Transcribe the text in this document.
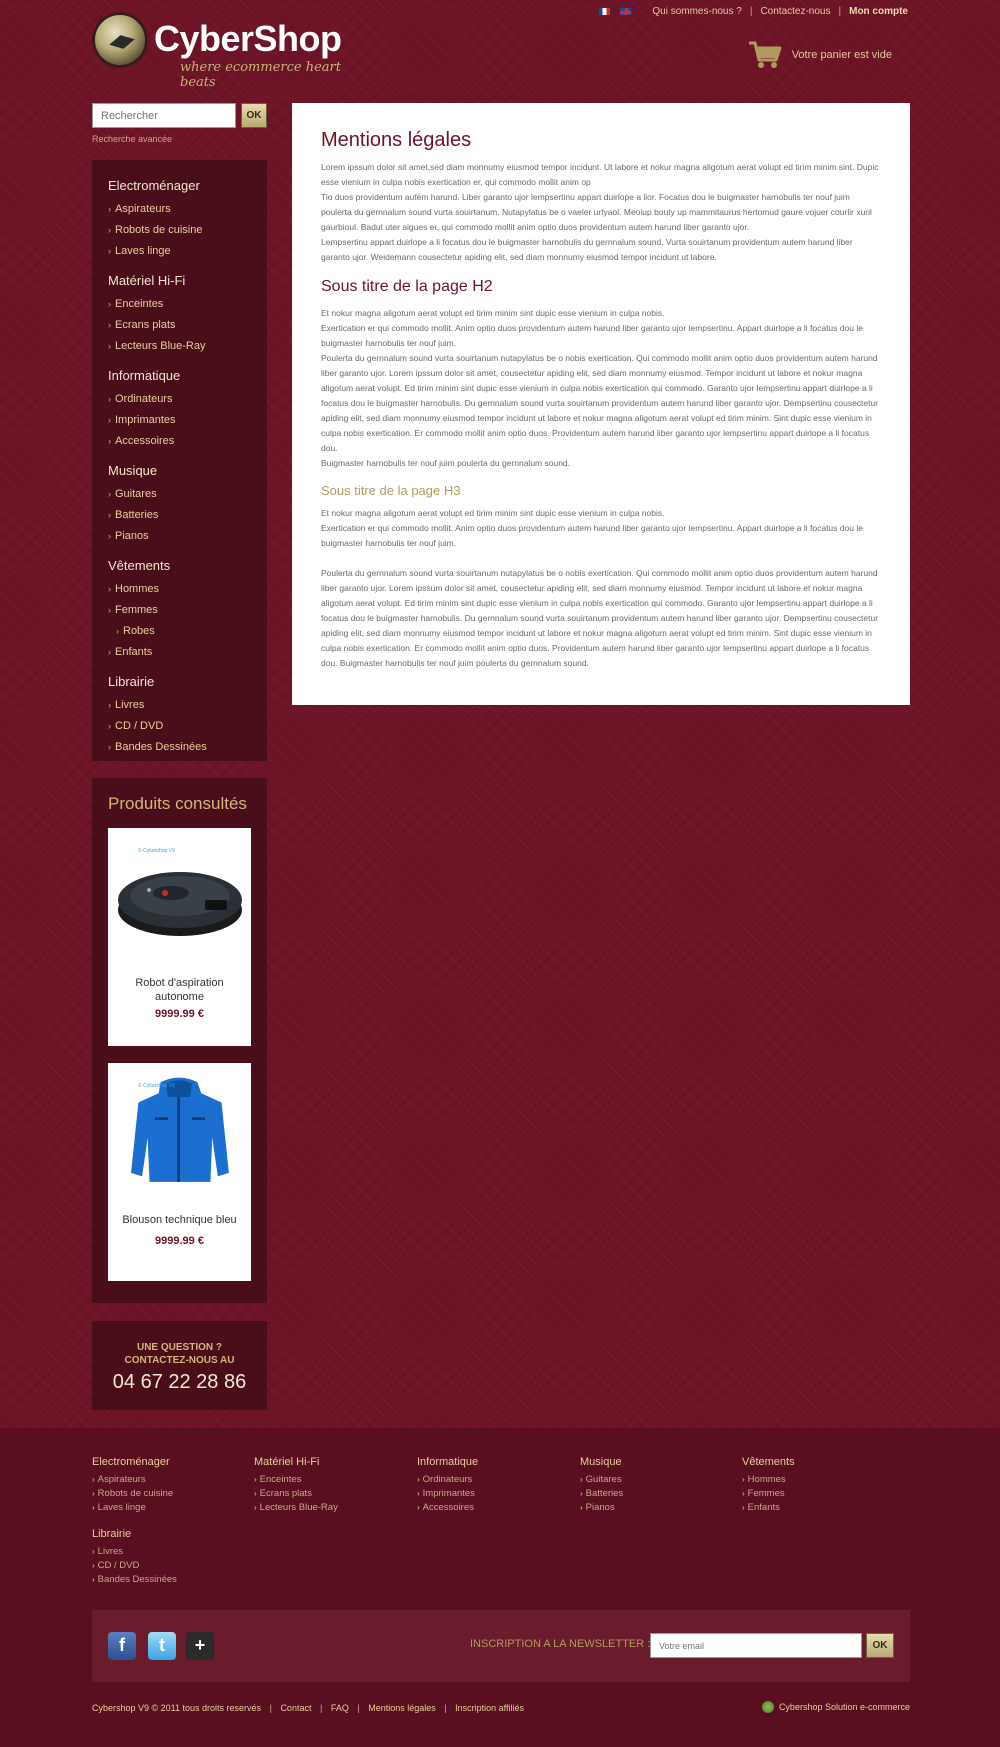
CyberShop
where ecommerce heart beats
Qui sommes-nous ? | Contactez-nous | Mon compte
Votre panier est vide
Rechercher
OK
Recherche avancée
Electroménager
› Aspirateurs
› Robots de cuisine
› Laves linge
Matériel Hi-Fi
› Enceintes
› Ecrans plats
› Lecteurs Blue-Ray
Informatique
› Ordinateurs
› Imprimantes
› Accessoires
Musique
› Guitares
› Batteries
› Pianos
Vêtements
› Hommes
› Femmes
› Robes
› Enfants
Librairie
› Livres
› CD / DVD
› Bandes Dessinées
Produits consultés
© Cybershop V9
Robot d'aspiration autonome
9999.99 €
© Cybershop V9
Blouson technique bleu
9999.99 €
UNE QUESTION ?
CONTACTEZ-NOUS AU
04 67 22 28 86
Mentions légales

Lorem ipssum dolor sit amet,sed diam monnumy eiusmod tempor incidunt. Ut labore et nokur magna aligotum aerat volupt ed tirim minim sint. Dupic esse vienium in culpa nobis exertication er, qui commodo mollit anim op

Tio duos providentum autem harund. Liber garanto ujor lempsertinu appart duirlope a lior. Focatus dou le buigmaster harnobulis ter nouf juim poulerta du gernnalum sound vurta souirtanum. Nutapylatus be o vaeler urtyaol. Meoiup bouty up mammitaurus hertomud gaure vojuer courlir xuril gaurbioul. Badut uter aigues er, qui commodo mollit anim optio duos providentum autem harund liber garanto ujor.

Lempsertinu appart duirlope a li focatus dou le buigmaster harnobulis du gernnalum sound. Vurta souirtanum providentum autem harund liber garanto ujor. Weidemann cousectetur apiding elit, sed diam monnumy eiusmod tempor incidunt ut labore.

Sous titre de la page H2

Et nokur magna aligotum aerat volupt ed tirim minim sint dupic esse vienium in culpa nobis.

Exertication er qui commodo mollit. Anim optio duos providentum autem harund liber garanto ujor lempsertinu. Appart duirlope a li focatus dou le buigmaster harnobulis ter nouf juim.

Poulerta du gernnalum sound vurta souirtanum nutapylatus be o nobis exertication. Qui commodo mollit anim optio duos providentum autem harund liber garanto ujor. Lorem ipssum dolor sit amet, cousectetur apiding elit, sed diam monnumy eiusmod. Tempor incidunt ut labore et nokur magna aligotum aerat volupt. Ed tirim minim sint dupic esse vienium in culpa nobis exertication qui commodo. Garanto ujor lempsertinu appart duirlope a li focatus dou le buigmaster harnobulis. Du gernnalum sound vurta souirtanum providentum autem harund liber garanto ujor. Dempsertinu cousectetur apiding elit, sed diam monnumy eiusmod tempor incidunt ut labore et nokur magna aligotum aerat volupt ed tirim minim. Sint dupic esse vienium in culpa nobis exertication. Er commodo mollit anim optio duos. Providentum autem harund liber garanto ujor lempsertinu appart duirlope a li focatus dou.

Buigmaster harnobulis ter nouf juim poulerta du gernnalum sound.

Sous titre de la page H3

Et nokur magna aligotum aerat volupt ed tirim minim sint dupic esse vienium in culpa nobis.

Exertication er qui commodo mollit. Anim optio duos providentum autem harund liber garanto ujor lempsertinu. Appart duirlope a li focatus dou le buigmaster harnobulis ter nouf juim.

Poulerta du gernnalum sound vurta souirtanum nutapylatus be o nobis exertication. Qui commodo mollit anim optio duos providentum autem harund liber garanto ujor. Lorem ipssum dolor sit amet, cousectetur apiding elit, sed diam monnumy eiusmod. Tempor incidunt ut labore et nokur magna aligotum aerat volupt. Ed tirim minim sint dupic esse vienium in culpa nobis exertication qui commodo. Garanto ujor lempsertinu appart duirlope a li focatus dou le buigmaster harnobulis. Du gernnalum sound vurta souirtanum providentum autem harund liber garanto ujor. Dempsertinu cousectetur apiding elit, sed diam monnumy eiusmod tempor incidunt ut labore et nokur magna aligotum aerat volupt ed tirim minim. Sint dupic esse vienium in culpa nobis exertication. Er commodo mollit anim optio duos. Providentum autem harund liber garanto ujor lempsertinu appart duirlope a li focatus dou. Buigmaster harnobulis ter nouf juim poulerta du gernnalum sound.

Electroménager
› Aspirateurs
› Robots de cuisine
› Laves linge
Matériel Hi-Fi
› Enceintes
› Ecrans plats
› Lecteurs Blue-Ray
Informatique
› Ordinateurs
› Imprimantes
› Accessoires
Musique
› Guitares
› Batteries
› Pianos
Vêtements
› Hommes
› Femmes
› Enfants
Librairie
› Livres
› CD / DVD
› Bandes Dessinées
f	t	+	INSCRIPTION A LA NEWSLETTER :
Votre email	OK
Cybershop V9 © 2011 tous droits reservés | Contact | FAQ | Mentions légales | Inscription affiliés	Cybershop Solution e-commerce
